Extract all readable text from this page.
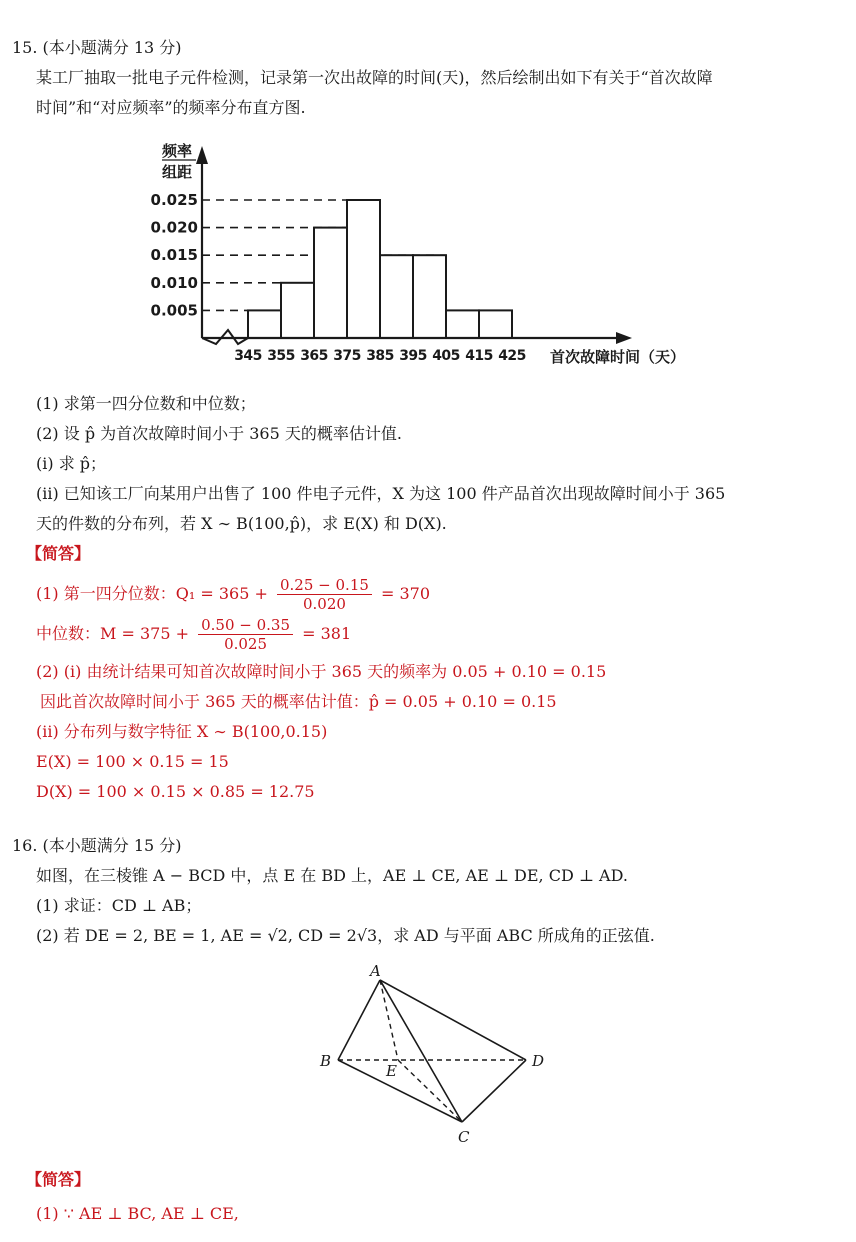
15. (本小题满分 13 分)
某工厂抽取一批电子元件检测，记录第一次出故障的时间(天)，然后绘制出如下有关于“首次故障
时间”和“对应频率”的频率分布直方图.
0.025
0.020
0.015
0.010
0.005
345 355 365 375 385 395 405 415 425
频率
组距
首次故障时间（天）
(1) 求第一四分位数和中位数；
(2) 设 p̂ 为首次故障时间小于 365 天的概率估计值.
(i) 求 p̂；
(ii) 已知该工厂向某用户出售了 100 件电子元件，X 为这 100 件产品首次出现故障时间小于 365
天的件数的分布列，若 X ∼ B(100,p̂)，求 E(X) 和 D(X).
【简答】
(1) 第一四分位数：$Q_1 = 365 + \frac{0.25 - 0.15}{0.020} = 370$
中位数：$M = 375 + \frac{0.50 - 0.35}{0.025} = 381$
(2) (i) 由统计结果可知首次故障时间小于 365 天的频率为 0.05 + 0.10 = 0.15
因此首次故障时间小于 365 天的概率估计值：p̂ = 0.05 + 0.10 = 0.15
(ii) 分布列与数字特征 X ∼ B(100,0.15)
E(X) = 100 × 0.15 = 15
D(X) = 100 × 0.15 × 0.85 = 12.75
16. (本小题满分 15 分)
如图，在三棱锥 A − BCD 中，点 E 在 BD 上，AE ⊥ CE, AE ⊥ DE, CD ⊥ AD.
(1) 求证：CD ⊥ AB；
(2) 若 DE = 2, BE = 1, AE = √2, CD = 2√3，求 AD 与平面 ABC 所成角的正弦值.
A
B
C
D
E
【简答】
(1) ∵ AE ⊥ BC, AE ⊥ CE,
